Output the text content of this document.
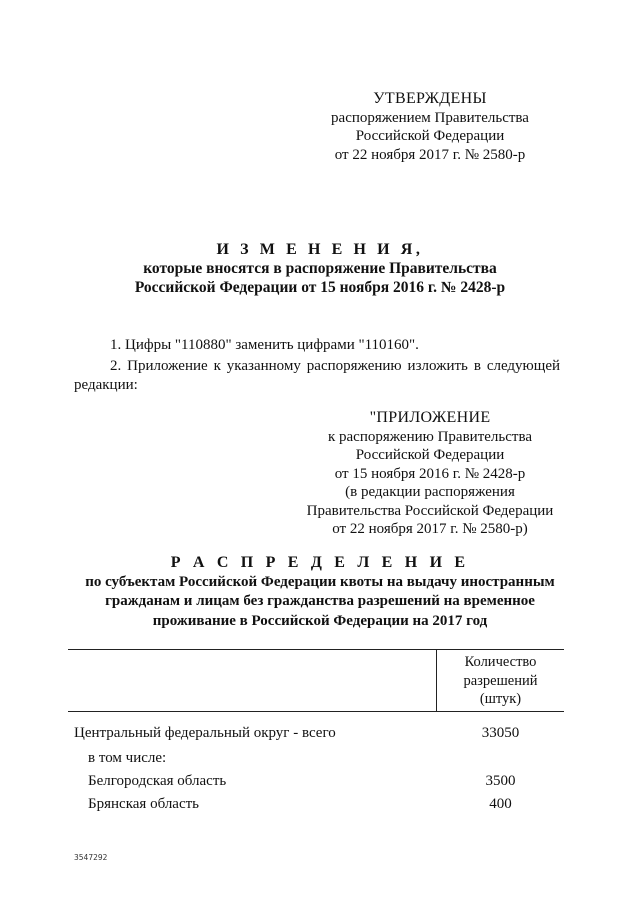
УТВЕРЖДЕНЫ
распоряжением Правительства
Российской Федерации
от 22 ноября 2017 г. № 2580-р
И З М Е Н Е Н И Я,
которые вносятся в распоряжение Правительства
Российской Федерации от 15 ноября 2016 г. № 2428-р
1. Цифры "110880" заменить цифрами "110160".
2. Приложение к указанному распоряжению изложить в следующей редакции:
"ПРИЛОЖЕНИЕ
к распоряжению Правительства
Российской Федерации
от 15 ноября 2016 г. № 2428-р
(в редакции распоряжения
Правительства Российской Федерации
от 22 ноября 2017 г. № 2580-р)
Р А С П Р Е Д Е Л Е Н И Е
по субъектам Российской Федерации квоты на выдачу иностранным
гражданам и лицам без гражданства разрешений на временное
проживание в Российской Федерации на 2017 год
Количество
разрешений
(штук)
Центральный федеральный округ - всего	33050
в том числе:
Белгородская область	3500
Брянская область	400
3547292
